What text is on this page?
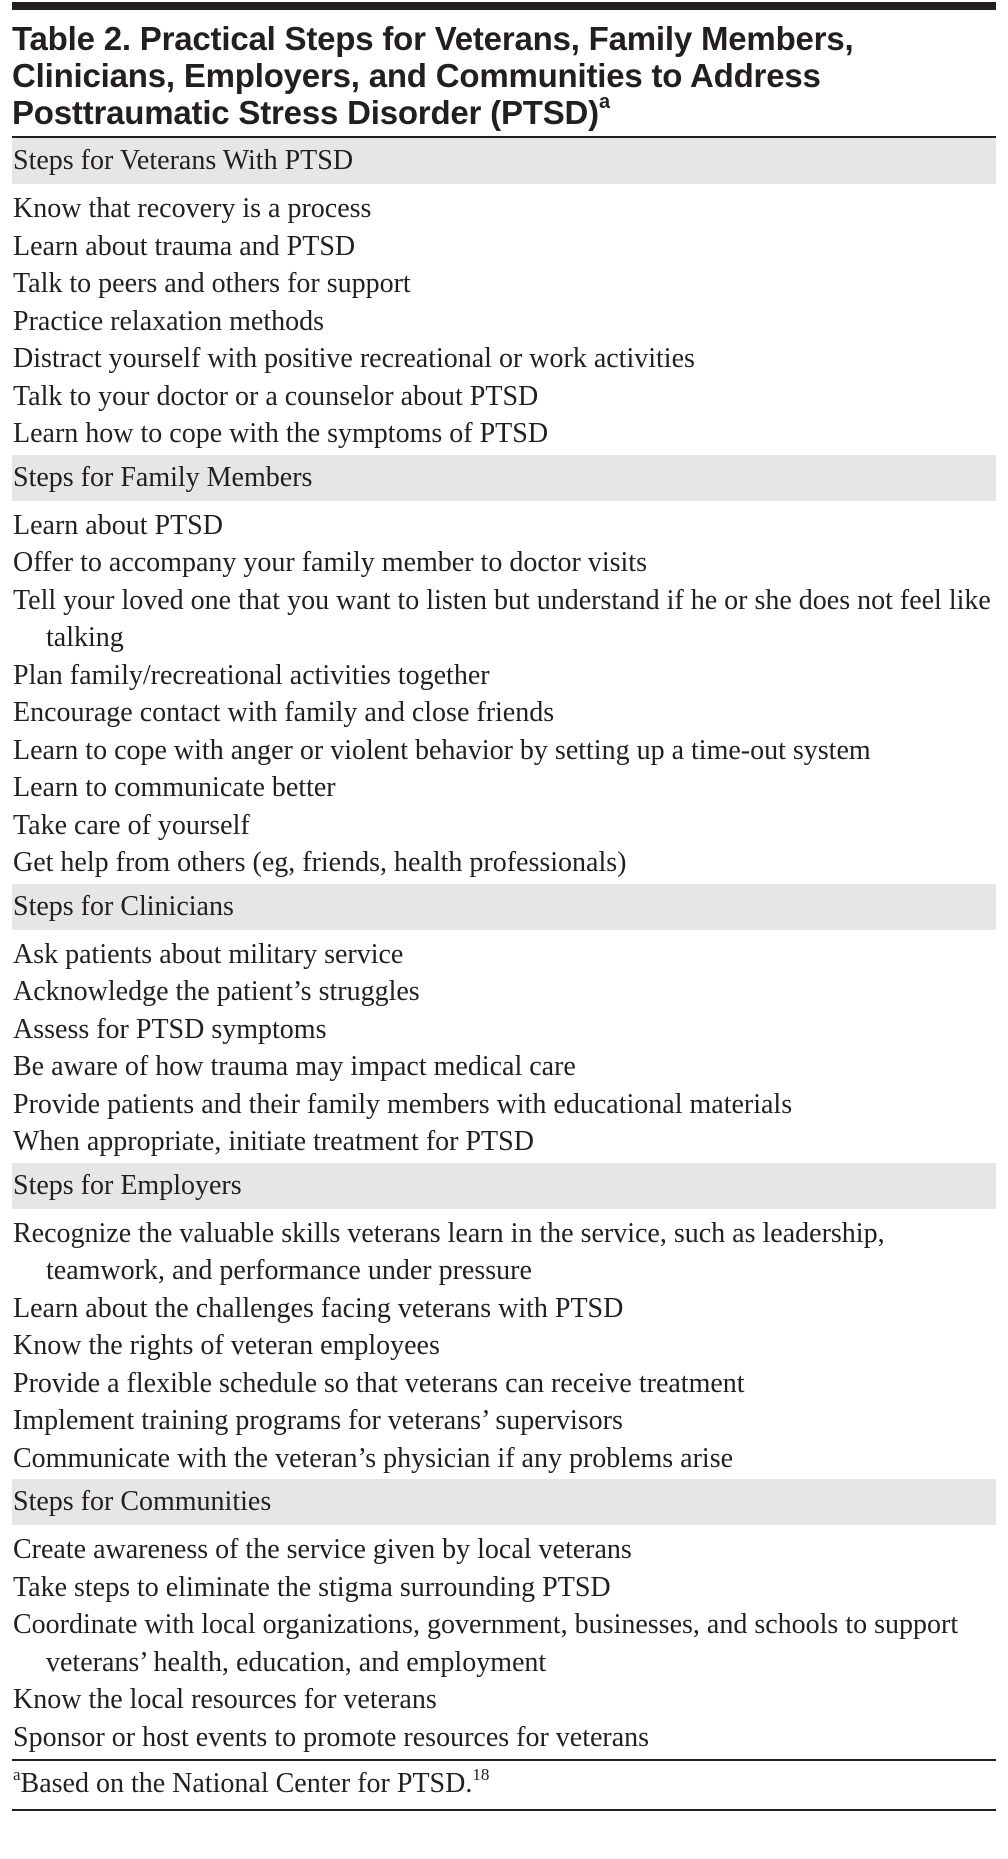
Table 2. Practical Steps for Veterans, Family Members,
Clinicians, Employers, and Communities to Address
Posttraumatic Stress Disorder (PTSD)$^a$
Steps for Veterans With PTSD
Know that recovery is a process
Learn about trauma and PTSD
Talk to peers and others for support
Practice relaxation methods
Distract yourself with positive recreational or work activities
Talk to your doctor or a counselor about PTSD
Learn how to cope with the symptoms of PTSD
Steps for Family Members
Learn about PTSD
Offer to accompany your family member to doctor visits
Tell your loved one that you want to listen but understand if he or she does not feel like talking
Plan family/recreational activities together
Encourage contact with family and close friends
Learn to cope with anger or violent behavior by setting up a time-out system
Learn to communicate better
Take care of yourself
Get help from others (eg, friends, health professionals)
Steps for Clinicians
Ask patients about military service
Acknowledge the patient’s struggles
Assess for PTSD symptoms
Be aware of how trauma may impact medical care
Provide patients and their family members with educational materials
When appropriate, initiate treatment for PTSD
Steps for Employers
Recognize the valuable skills veterans learn in the service, such as leadership, teamwork, and performance under pressure
Learn about the challenges facing veterans with PTSD
Know the rights of veteran employees
Provide a flexible schedule so that veterans can receive treatment
Implement training programs for veterans’ supervisors
Communicate with the veteran’s physician if any problems arise
Steps for Communities
Create awareness of the service given by local veterans
Take steps to eliminate the stigma surrounding PTSD
Coordinate with local organizations, government, businesses, and schools to support veterans’ health, education, and employment
Know the local resources for veterans
Sponsor or host events to promote resources for veterans
$^a$Based on the National Center for PTSD.$^{18}$
